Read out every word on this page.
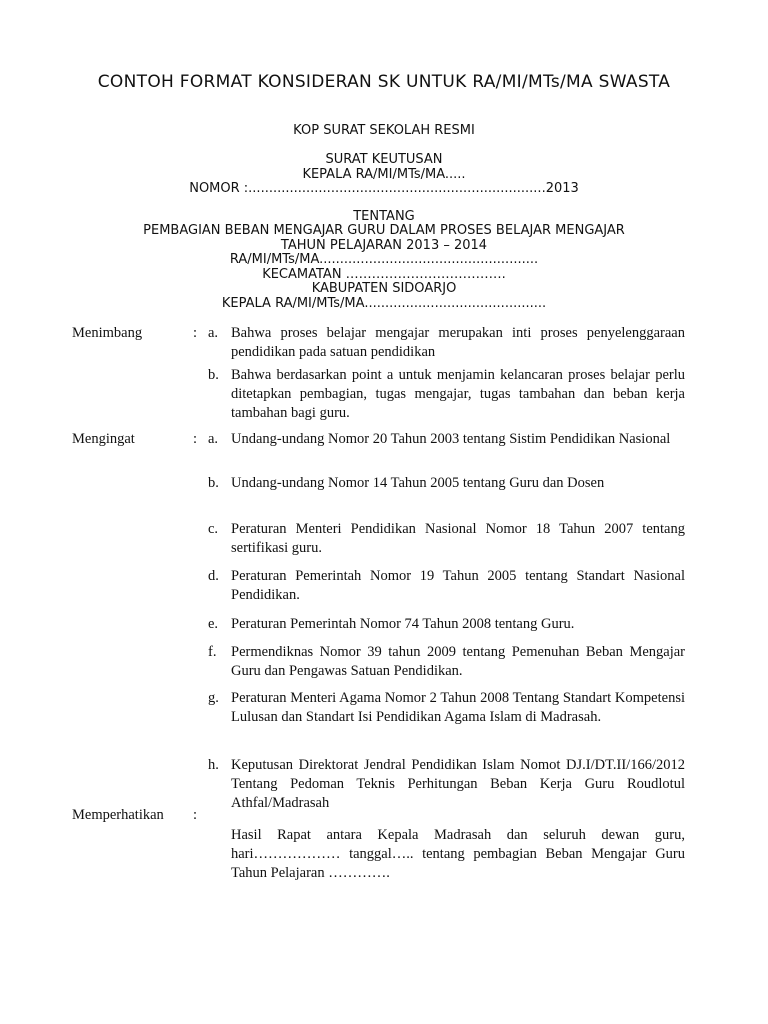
CONTOH FORMAT KONSIDERAN SK UNTUK RA/MI/MTs/MA SWASTA
KOP SURAT SEKOLAH RESMI
SURAT KEUTUSAN
KEPALA RA/MI/MTs/MA.....
NOMOR :........................................................................2013
TENTANG
PEMBAGIAN BEBAN MENGAJAR GURU DALAM PROSES BELAJAR MENGAJAR
TAHUN PELAJARAN 2013 – 2014
RA/MI/MTs/MA.....................................................
KECAMATAN ……………………………….
KABUPATEN SIDOARJO
KEPALA RA/MI/MTs/MA............................................
Menimbang	: a. Bahwa proses belajar mengajar merupakan inti proses penyelenggaraan pendidikan pada satuan pendidikan
b. Bahwa berdasarkan point a untuk menjamin kelancaran proses belajar perlu ditetapkan pembagian, tugas mengajar, tugas tambahan dan beban kerja tambahan bagi guru.
Mengingat	: a. Undang-undang Nomor 20 Tahun 2003 tentang Sistim Pendidikan Nasional
b. Undang-undang Nomor 14 Tahun 2005 tentang Guru dan Dosen
c. Peraturan Menteri Pendidikan Nasional Nomor 18 Tahun 2007 tentang sertifikasi guru.
d. Peraturan Pemerintah Nomor 19 Tahun 2005 tentang Standart Nasional Pendidikan.
e. Peraturan Pemerintah Nomor 74 Tahun 2008 tentang Guru.
f. Permendiknas Nomor 39 tahun 2009 tentang Pemenuhan Beban Mengajar Guru dan Pengawas Satuan Pendidikan.
g. Peraturan Menteri Agama Nomor 2 Tahun 2008 Tentang Standart Kompetensi Lulusan dan Standart Isi Pendidikan Agama Islam di Madrasah.
h. Keputusan Direktorat Jendral Pendidikan Islam Nomot DJ.I/DT.II/166/2012 Tentang Pedoman Teknis Perhitungan Beban Kerja Guru Roudlotul Athfal/Madrasah
Memperhatikan	:
Hasil Rapat antara Kepala Madrasah dan seluruh dewan guru, hari……………… tanggal….. tentang pembagian Beban Mengajar Guru Tahun Pelajaran ………….
